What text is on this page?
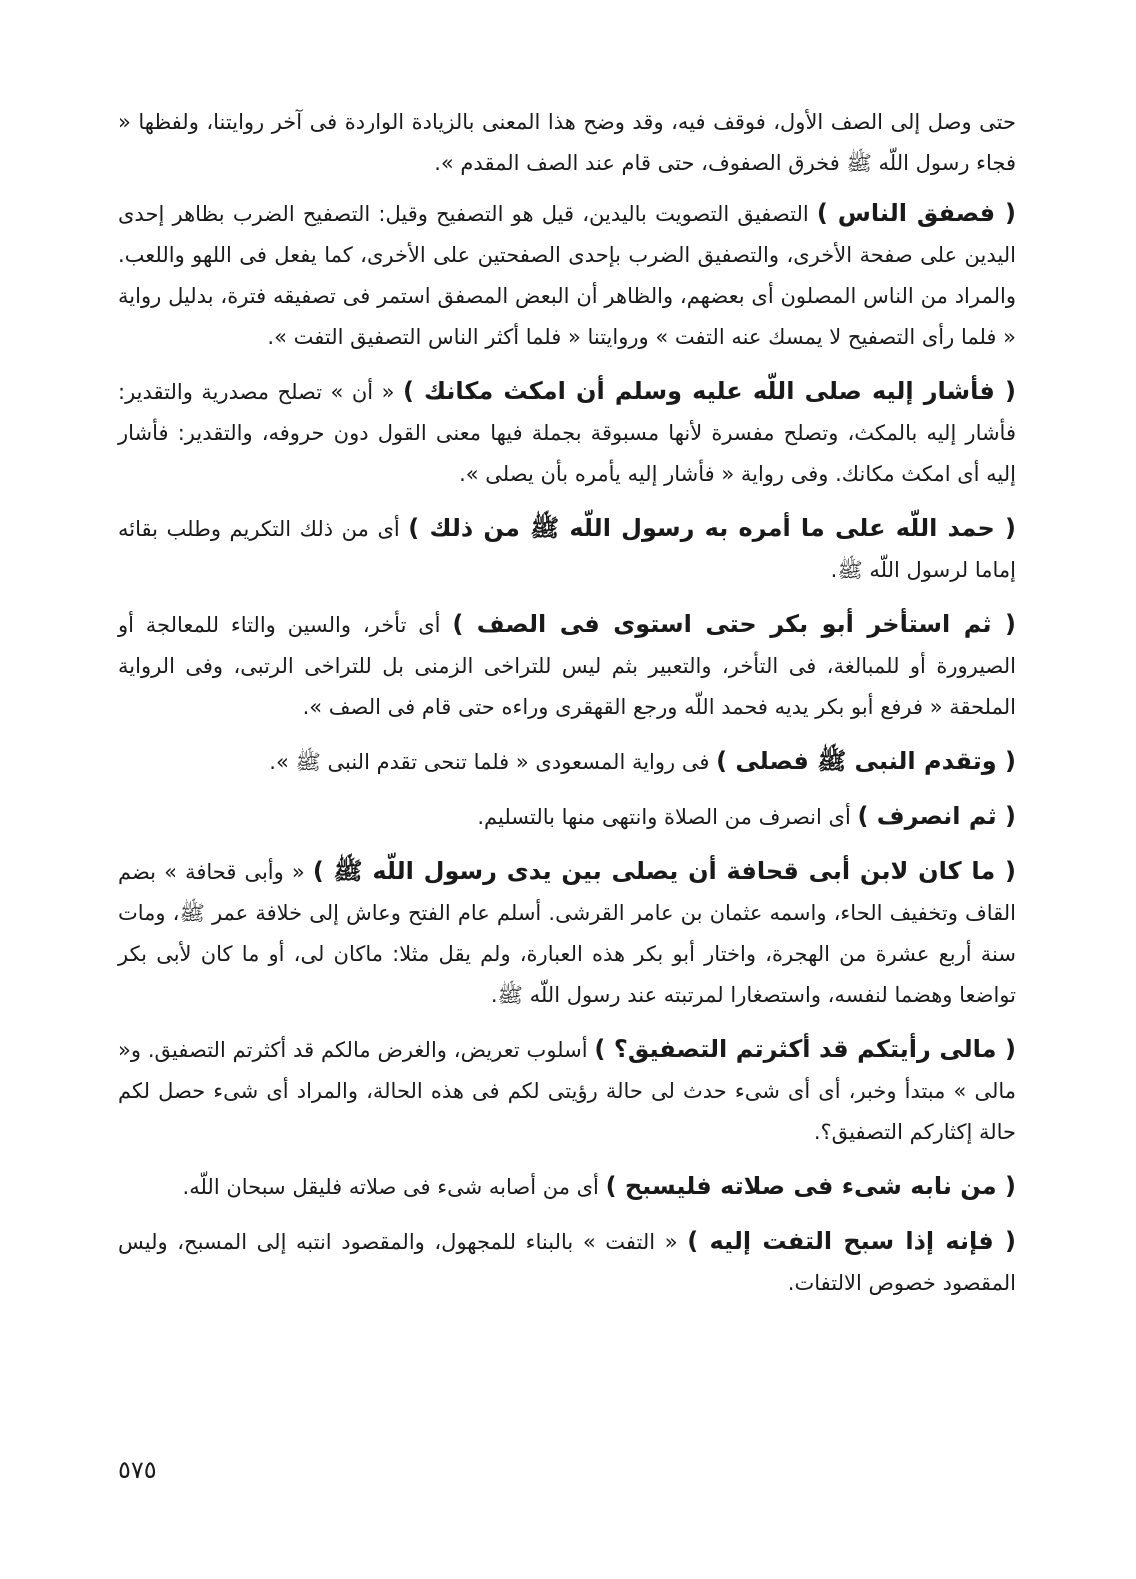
حتى وصل إلى الصف الأول، فوقف فيه، وقد وضح هذا المعنى بالزيادة الواردة فى آخر روايتنا، ولفظها « فجاء رسول اللّه ﷺ فخرق الصفوف، حتى قام عند الصف المقدم ».

( فصفق الناس ) التصفيق التصويت باليدين، قيل هو التصفيح وقيل: التصفيح الضرب بظاهر إحدى اليدين على صفحة الأخرى، والتصفيق الضرب بإحدى الصفحتين على الأخرى، كما يفعل فى اللهو واللعب. والمراد من الناس المصلون أى بعضهم، والظاهر أن البعض المصفق استمر فى تصفيقه فترة، بدليل رواية « فلما رأى التصفيح لا يمسك عنه التفت » وروايتنا « فلما أكثر الناس التصفيق التفت ».

( فأشار إليه صلى اللّه عليه وسلم أن امكث مكانك ) « أن » تصلح مصدرية والتقدير: فأشار إليه بالمكث، وتصلح مفسرة لأنها مسبوقة بجملة فيها معنى القول دون حروفه، والتقدير: فأشار إليه أى امكث مكانك. وفى رواية « فأشار إليه يأمره بأن يصلى ».

( حمد اللّه على ما أمره به رسول اللّه ﷺ من ذلك ) أى من ذلك التكريم وطلب بقائه إماما لرسول اللّه ﷺ.

( ثم استأخر أبو بكر حتى استوى فى الصف ) أى تأخر، والسين والتاء للمعالجة أو الصيرورة أو للمبالغة، فى التأخر، والتعبير بثم ليس للتراخى الزمنى بل للتراخى الرتبى، وفى الرواية الملحقة « فرفع أبو بكر يديه فحمد اللّه ورجع القهقرى وراءه حتى قام فى الصف ».

( وتقدم النبى ﷺ فصلى ) فى رواية المسعودى « فلما تنحى تقدم النبى ﷺ ».

( ثم انصرف ) أى انصرف من الصلاة وانتهى منها بالتسليم.

( ما كان لابن أبى قحافة أن يصلى بين يدى رسول اللّه ﷺ ) « وأبى قحافة » بضم القاف وتخفيف الحاء، واسمه عثمان بن عامر القرشى. أسلم عام الفتح وعاش إلى خلافة عمر ﷺ، ومات سنة أربع عشرة من الهجرة، واختار أبو بكر هذه العبارة، ولم يقل مثلا: ماكان لى، أو ما كان لأبى بكر تواضعا وهضما لنفسه، واستصغارا لمرتبته عند رسول اللّه ﷺ.

( مالى رأيتكم قد أكثرتم التصفيق؟ ) أسلوب تعريض، والغرض مالكم قد أكثرتم التصفيق. و« مالى » مبتدأ وخبر، أى أى شىء حدث لى حالة رؤيتى لكم فى هذه الحالة، والمراد أى شىء حصل لكم حالة إكثاركم التصفيق؟.

( من نابه شىء فى صلاته فليسبح ) أى من أصابه شىء فى صلاته فليقل سبحان اللّه.

( فإنه إذا سبح التفت إليه ) « التفت » بالبناء للمجهول، والمقصود انتبه إلى المسبح، وليس المقصود خصوص الالتفات.

٥٧٥
